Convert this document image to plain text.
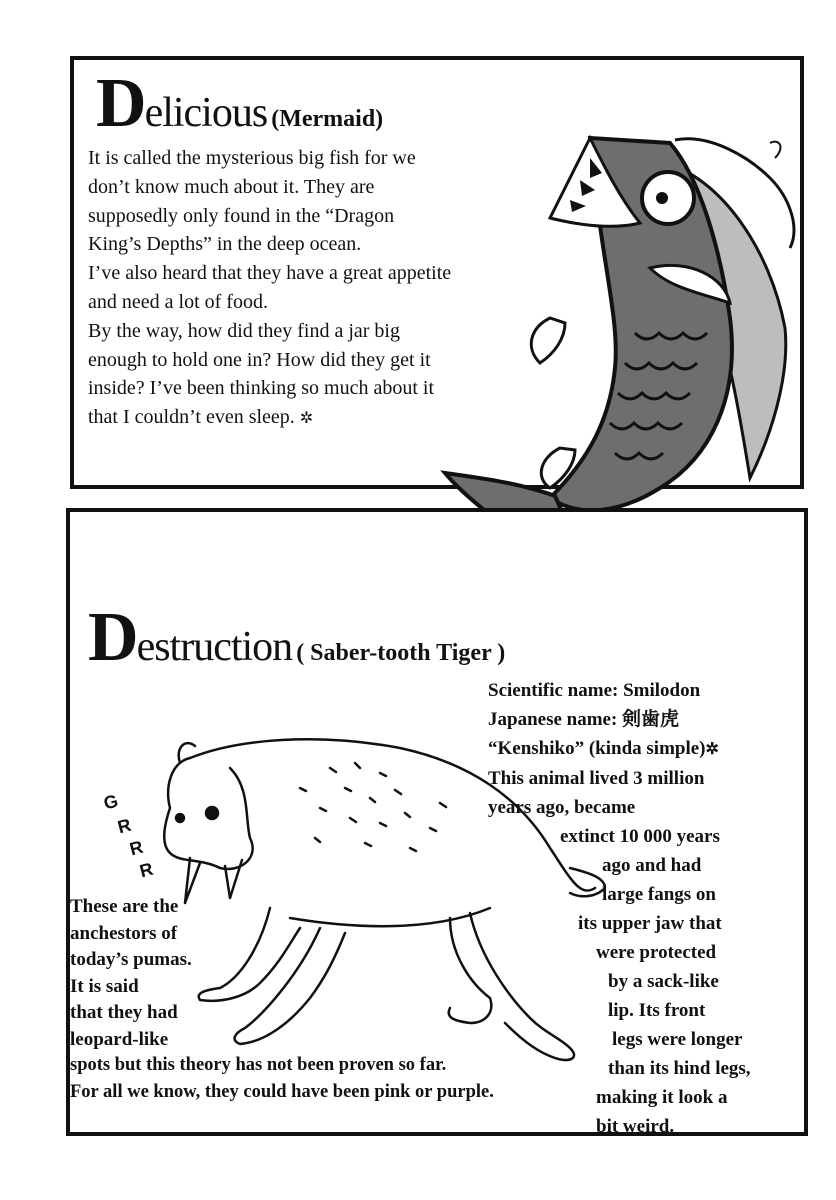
Delicious (Mermaid)
It is called the mysterious big fish for we
don’t know much about it. They are
supposedly only found in the “Dragon
King’s Depths” in the deep ocean.
I’ve also heard that they have a great appetite
and need a lot of food.
By the way, how did they find a jar big
enough to hold one in? How did they get it
inside? I’ve been thinking so much about it
that I couldn’t even sleep. ✲
Destruction ( Saber-tooth Tiger )
G
R
R
R
Scientific name: Smilodon
Japanese name: 剣歯虎
“Kenshiko” (kinda simple)✲
This animal lived 3 million
years ago, became
extinct 10 000 years
ago and had
large fangs on
its upper jaw that
were protected
by a sack-like
lip. Its front
legs were longer
than its hind legs,
making it look a
bit weird.
These are the
anchestors of
today’s pumas.
It is said
that they had
leopard-like
spots but this theory has not been proven so far.
For all we know, they could have been pink or purple.
